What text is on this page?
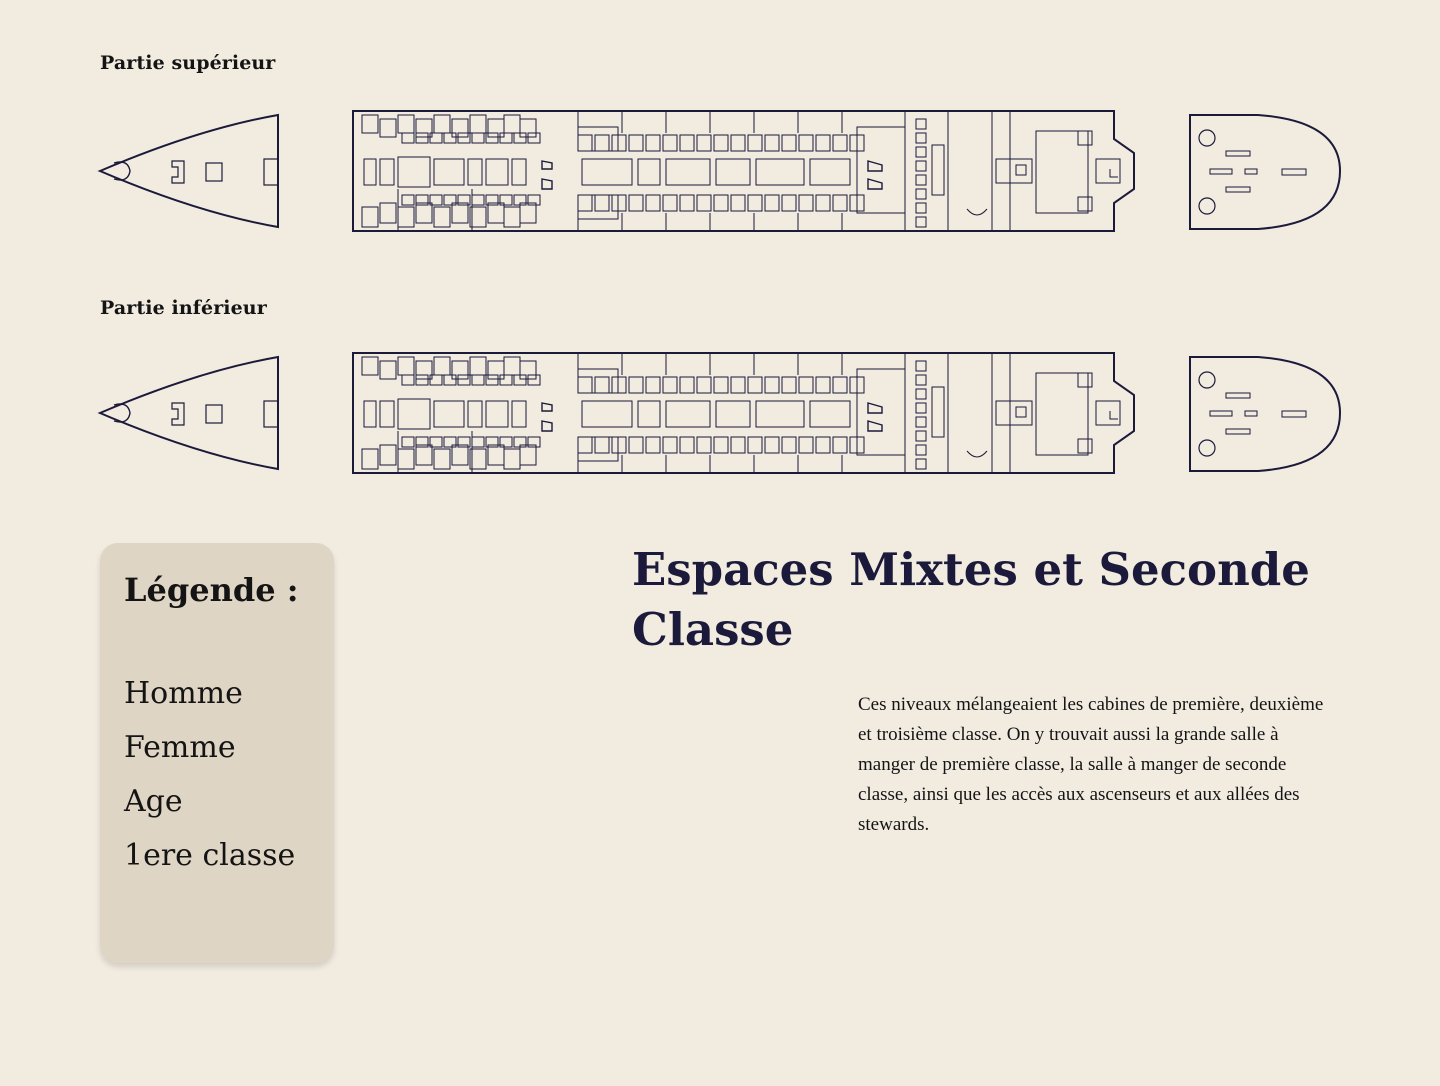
Partie supérieur
Partie inférieur
Légende :
Homme
Femme
Age
1ere classe
Espaces Mixtes et Seconde Classe

Ces niveaux mélangeaient les cabines de première, deuxième et troisième classe. On y trouvait aussi la grande salle à manger de première classe, la salle à manger de seconde classe, ainsi que les accès aux ascenseurs et aux allées des stewards.
